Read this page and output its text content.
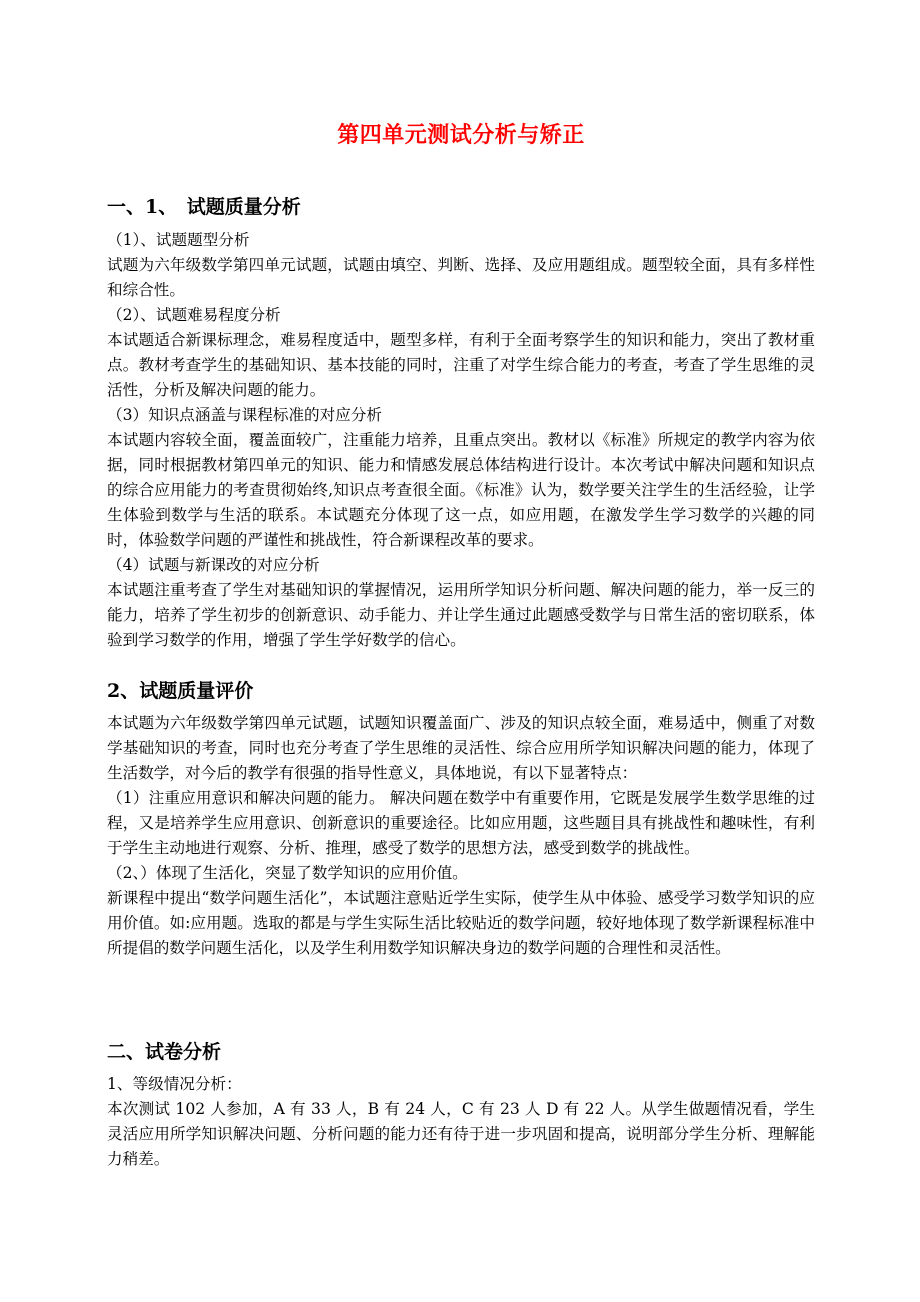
第四单元测试分析与矫正
一、1、　试题质量分析

（1）、试题题型分析

试题为六年级数学第四单元试题，试题由填空、判断、选择、及应用题组成。题型较全面，具有多样性和综合性。

（2）、试题难易程度分析

本试题适合新课标理念，难易程度适中，题型多样，有利于全面考察学生的知识和能力，突出了教材重点。教材考查学生的基础知识、基本技能的同时，注重了对学生综合能力的考查，考查了学生思维的灵活性，分析及解决问题的能力。

（3）知识点涵盖与课程标准的对应分析

本试题内容较全面，覆盖面较广，注重能力培养，且重点突出。教材以《标准》所规定的教学内容为依据，同时根据教材第四单元的知识、能力和情感发展总体结构进行设计。本次考试中解决问题和知识点的综合应用能力的考查贯彻始终,知识点考查很全面。《标准》认为，数学要关注学生的生活经验，让学生体验到数学与生活的联系。本试题充分体现了这一点，如应用题，在激发学生学习数学的兴趣的同时，体验数学问题的严谨性和挑战性，符合新课程改革的要求。

（4）试题与新课改的对应分析

本试题注重考查了学生对基础知识的掌握情况，运用所学知识分析问题、解决问题的能力，举一反三的能力，培养了学生初步的创新意识、动手能力、并让学生通过此题感受数学与日常生活的密切联系，体验到学习数学的作用，增强了学生学好数学的信心。

2、试题质量评价

本试题为六年级数学第四单元试题，试题知识覆盖面广、涉及的知识点较全面，难易适中，侧重了对数学基础知识的考查，同时也充分考查了学生思维的灵活性、综合应用所学知识解决问题的能力，体现了生活数学，对今后的教学有很强的指导性意义，具体地说，有以下显著特点：

（1）注重应用意识和解决问题的能力。 解决问题在数学中有重要作用，它既是发展学生数学思维的过程，又是培养学生应用意识、创新意识的重要途径。比如应用题，这些题目具有挑战性和趣味性，有利于学生主动地进行观察、分析、推理，感受了数学的思想方法，感受到数学的挑战性。

（2、）体现了生活化，突显了数学知识的应用价值。

新课程中提出“数学问题生活化”，本试题注意贴近学生实际，使学生从中体验、感受学习数学知识的应用价值。如:应用题。选取的都是与学生实际生活比较贴近的数学问题，较好地体现了数学新课程标准中所提倡的数学问题生活化，以及学生利用数学知识解决身边的数学问题的合理性和灵活性。

二、试卷分析

1、等级情况分析：

本次测试 102 人参加，A 有 33 人，B 有 24 人，C 有 23 人 D 有 22 人。从学生做题情况看，学生灵活应用所学知识解决问题、分析问题的能力还有待于进一步巩固和提高，说明部分学生分析、理解能力稍差。
